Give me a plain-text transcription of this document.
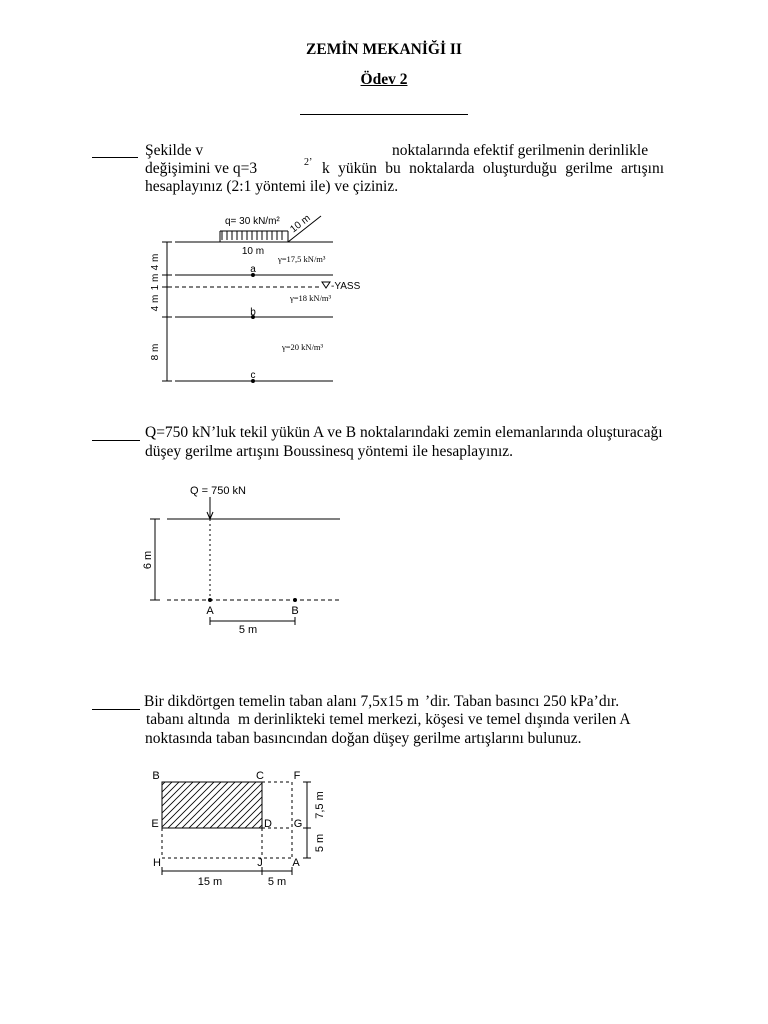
ZEMİN MEKANİĞİ II
Ödev 2
Şekilde v	noktalarında efektif gerilmenin derinlikle
değişimini ve q=3	2’ k yükün bu noktalarda oluşturduğu gerilme artışını
hesaplayınız (2:1 yöntemi ile) ve çiziniz.
q= 30 kN/m²
10 m
10 m
-YASS
4 m
1 m
4 m
8 m
a
b
c
γ=17,5 kN/m³
γ=18 kN/m³
γ=20 kN/m³
Q=750 kN’luk tekil yükün A ve B noktalarındaki zemin elemanlarında oluşturacağı
düşey gerilme artışını Boussinesq yöntemi ile hesaplayınız.
Q = 750 kN
A	B
5 m
6 m
Bir dikdörtgen temelin taban alanı 7,5x15 m ’dir. Taban basıncı 250 kPa’dır.
tabanı altında m derinlikteki temel merkezi, köşesi ve temel dışında verilen A
noktasında taban basıncından doğan düşey gerilme artışlarını bulunuz.
B	C	F
E	D G
H	J	A
7,5 m
5 m
15 m	5 m
